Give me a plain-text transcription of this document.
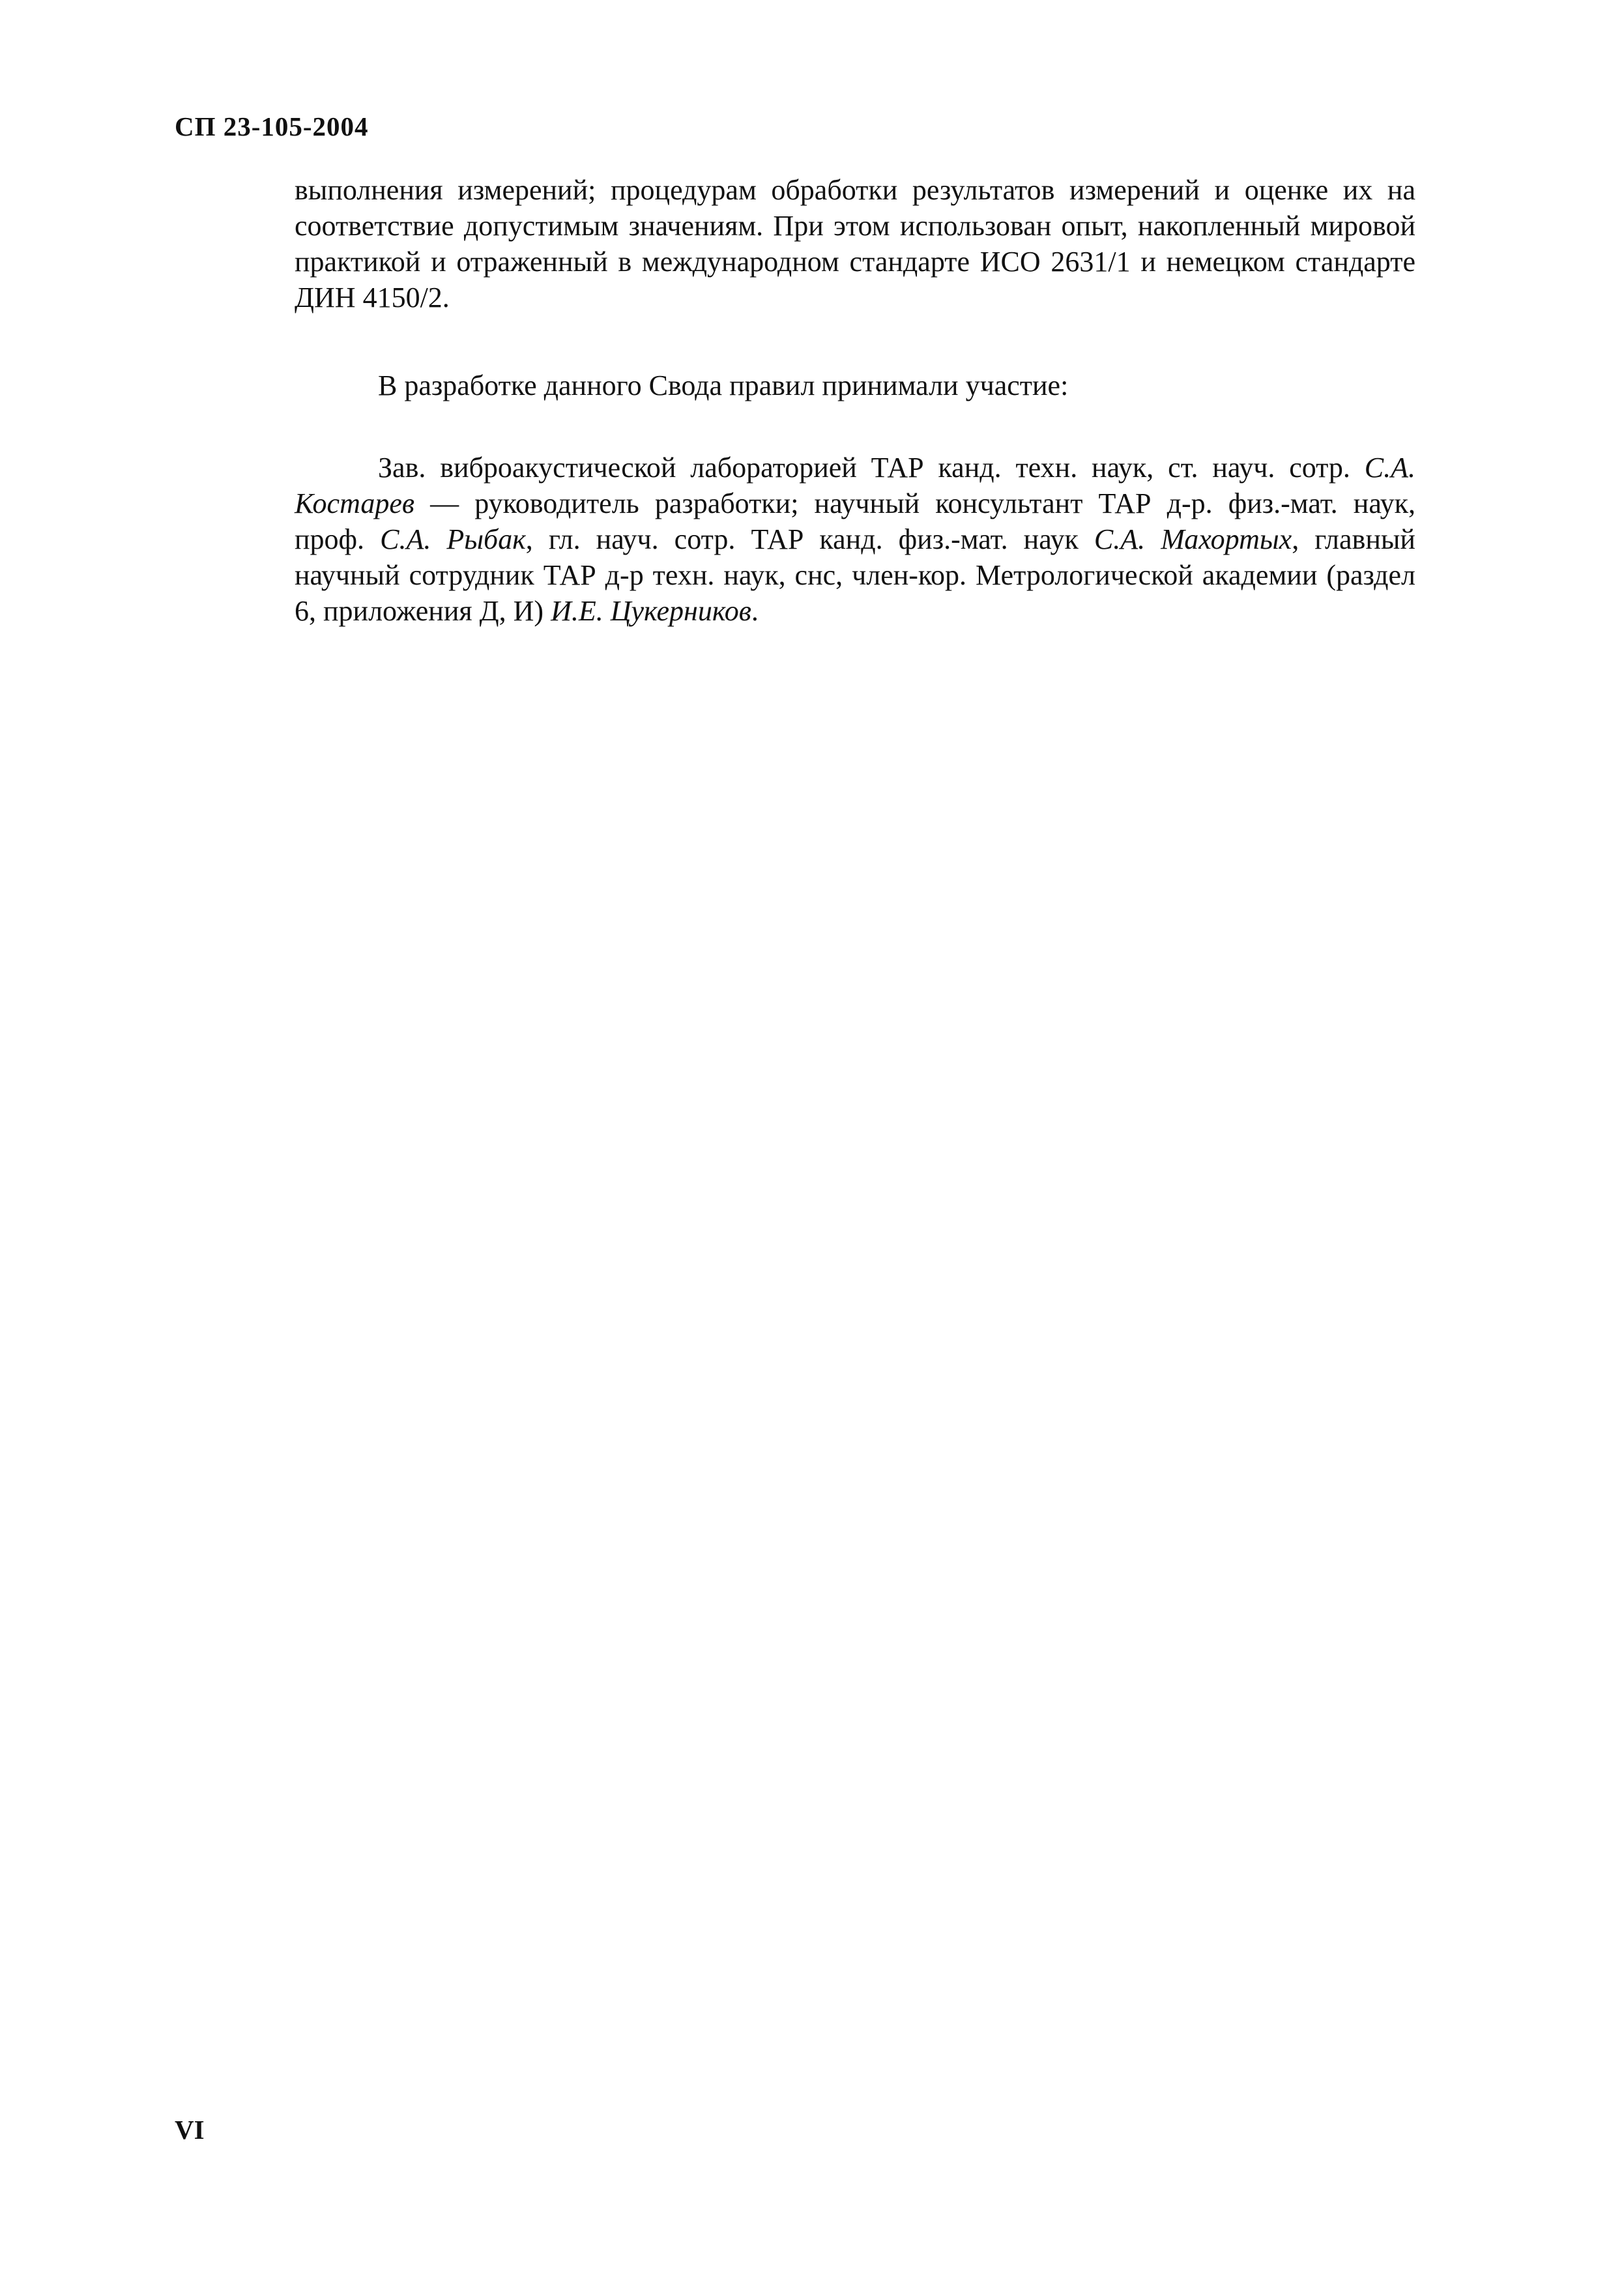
СП 23-105-2004

выполнения измерений; процедурам обработки результатов измерений и оценке их на соответствие допустимым значениям. При этом использован опыт, накопленный мировой практикой и отраженный в международном стандарте ИСО 2631/1 и немецком стандарте ДИН 4150/2.

В разработке данного Свода правил принимали участие:

Зав. виброакустической лабораторией ТАР канд. техн. наук, ст. науч. сотр. С.А. Костарев — руководитель разработки; научный консультант ТАР д-р. физ.-мат. наук, проф. С.А. Рыбак, гл. науч. сотр. ТАР канд. физ.-мат. наук С.А. Махортых, главный научный сотрудник ТАР д-р техн. наук, снс, член-кор. Метрологической академии (раздел 6, приложения Д, И) И.Е. Цукерников.

VI
